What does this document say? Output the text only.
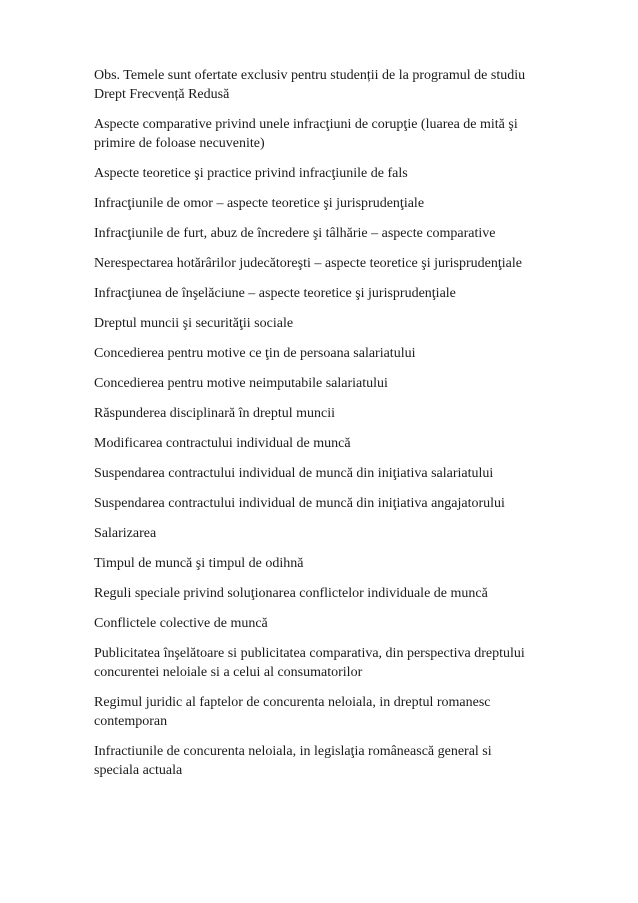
Obs. Temele sunt ofertate exclusiv pentru studenții de la programul de studiu
Drept Frecvență Redusă

Aspecte comparative privind unele infracţiuni de corupţie (luarea de mită şi
primire de foloase necuvenite)

Aspecte teoretice şi practice privind infracţiunile de fals

Infracţiunile de omor – aspecte teoretice şi jurisprudenţiale

Infracţiunile de furt, abuz de încredere şi tâlhărie – aspecte comparative

Nerespectarea hotărârilor judecătoreşti – aspecte teoretice şi jurisprudenţiale

Infracţiunea de înşelăciune – aspecte teoretice şi jurisprudenţiale

Dreptul muncii şi securităţii sociale

Concedierea pentru motive ce ţin de persoana salariatului

Concedierea pentru motive neimputabile salariatului

Răspunderea disciplinară în dreptul muncii

Modificarea contractului individual de muncă

Suspendarea contractului individual de muncă din iniţiativa salariatului

Suspendarea contractului individual de muncă din iniţiativa angajatorului

Salarizarea

Timpul de muncă şi timpul de odihnă

Reguli speciale privind soluţionarea conflictelor individuale de muncă

Conflictele colective de muncă

Publicitatea înşelătoare si publicitatea comparativa, din perspectiva dreptului
concurentei neloiale si a celui al consumatorilor

Regimul juridic al faptelor de concurenta neloiala, in dreptul romanesc
contemporan

Infractiunile de concurenta neloiala, in legislaţia românească general si
speciala actuala
